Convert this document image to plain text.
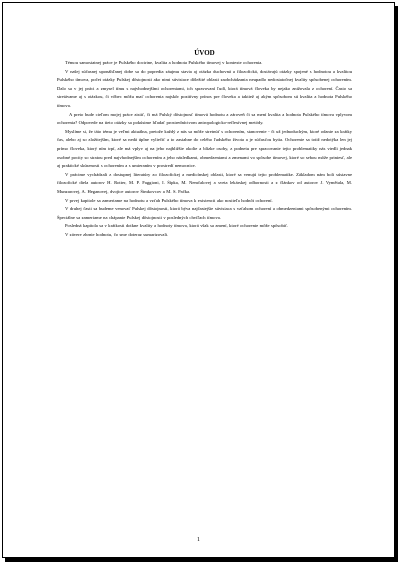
ÚVOD

Témou samostatnej práce je Pulského doctrine, kvalita a hodnota Pulského tímovej v kontexte ochorenia.

V našej súčasnej uponáhľanej dobe sa do popredia záujmu stavia aj otázka duchovná a filozofická, dostávajú otázky spojené s hodnotou a kvalitou Pulského tímova, počet otázky Pulskej dôstojnosti ako nimi súvisiace dôležité oblasti zaobchádzania neupadlo nedostatočnej kvality spôsobenej ochorením. Dalo sa v jej práci a zmysel tímu s najvhodnejšími ochoreniami, ich spravovaní ľudí, ktorá tímová človeka by nejako znižovala z ochorení. Často sa stretávame aj s otázkou, či vôbec môžu mať ochorenia najskôr pozitívny prínos pre človeka a taktiež aj akým spôsobom sú kvalita a hodnota Pulského tímova.

A preto bude cieľom mojej práce zistiť, či má Pulský dôstojnosť tímovú hodnotu a zároveň či sa mení kvalita a hodnota Pulského tímova vplyvom ochorenia? Odpovede na tieto otázky sa pokúsime hľadať prostredníctvom antropologicko-reflexívnej metódy.

Myslíme si, že táto tému je veľmi aktuálna, pretože každý z nás sa môže stretnúť s ochorením, stanovenie - či už jednoduchým, ktoré odznie za krátky čas, alebo aj so zložitejším, ktoré sa nedá úplne vyliečiť a to zasiahne do celého ľudského života a je súčasťou bytia. Ochorenie sa totiž nedotýka len jej prímo človeka, ktorý ním trpí, ale má vplyv aj na jeho najbližšie okolie a blízke osoby, z podnetu pre spracovanie tejto problematiky nás viedli jednak osobné pocity so stratou pred najvhodnejším ochorením a jeho následkami, obmedzeniami a zmenami vo spôsobe tímovej, ktoré so sebou môže priniesť, ale aj praktické skúsenosti s ochorením a s umieraním v prostredí nemocnice.

V prácime vychádzali z dostupnej literatúry zo filozofickej a medicínskej oblasti, ktoré sa venujú tejto problematike. Základom nám boli sústavne filozofické diela autorov H. Rotter, M. P. Faggioni, I. Šípka, M. Nemčalovej a sveta lekárskej odbornosti a z článkov od autorov J. Vymětala, M. Munzarovej, A. Heganovej, dvojice autorov Šimkovcov a M. S. Pačka.

V prvej kapitole sa zameriame na hodnotu a vzťah Pulského tímova k existencii ako nositeľa hodnôt ochorení.

V druhej časti sa budeme venovať Pulskej dôstojnosti, ktorá býva najčastejšie súvisiaca s vzťahom ochorení a obmedzeniami spôsobenými ochorením. Špeciálne sa zameriame na chápanie Pulskej dôstojnosti v posledných chvíľach tímova.

Posledná kapitola sa v krátkosti dotkne kvality a hodnoty tímova, ktorá však sa zmení, ktoré ochorenie môže spôsobiť.

V závere zhrnie hodnotu, čo sme doteraz sumarizovali.

1
